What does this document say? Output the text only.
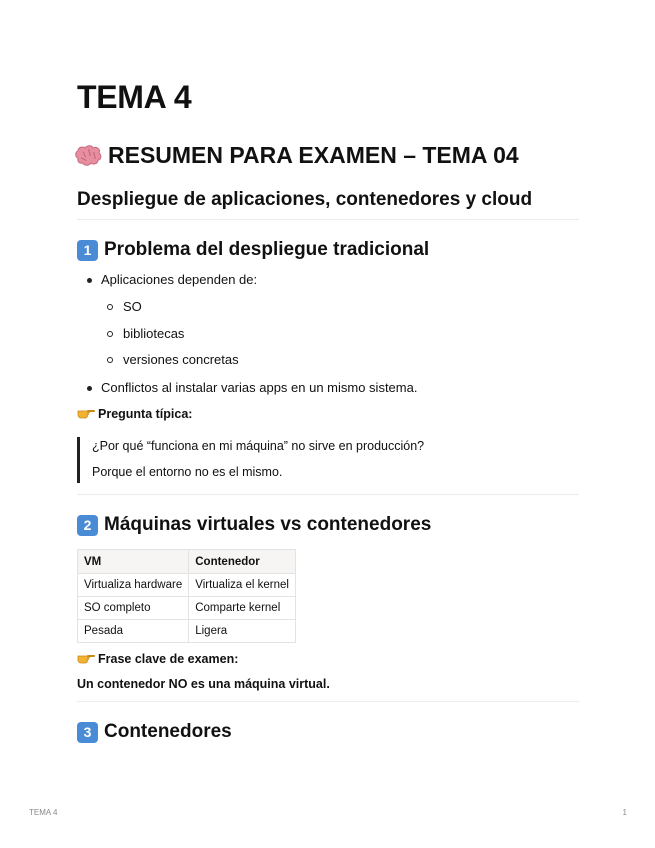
TEMA 4
RESUMEN PARA EXAMEN – TEMA 04
Despliegue de aplicaciones, contenedores y cloud
1 Problema del despliegue tradicional
Aplicaciones dependen de:
SO
bibliotecas
versiones concretas
Conflictos al instalar varias apps en un mismo sistema.
Pregunta típica:
¿Por qué “funciona en mi máquina” no sirve en producción?
Porque el entorno no es el mismo.
2 Máquinas virtuales vs contenedores
VM	Contenedor
Virtualiza hardware	Virtualiza el kernel
SO completo	Comparte kernel
Pesada	Ligera
Frase clave de examen:
Un contenedor NO es una máquina virtual.
3 Contenedores
TEMA 4	1
